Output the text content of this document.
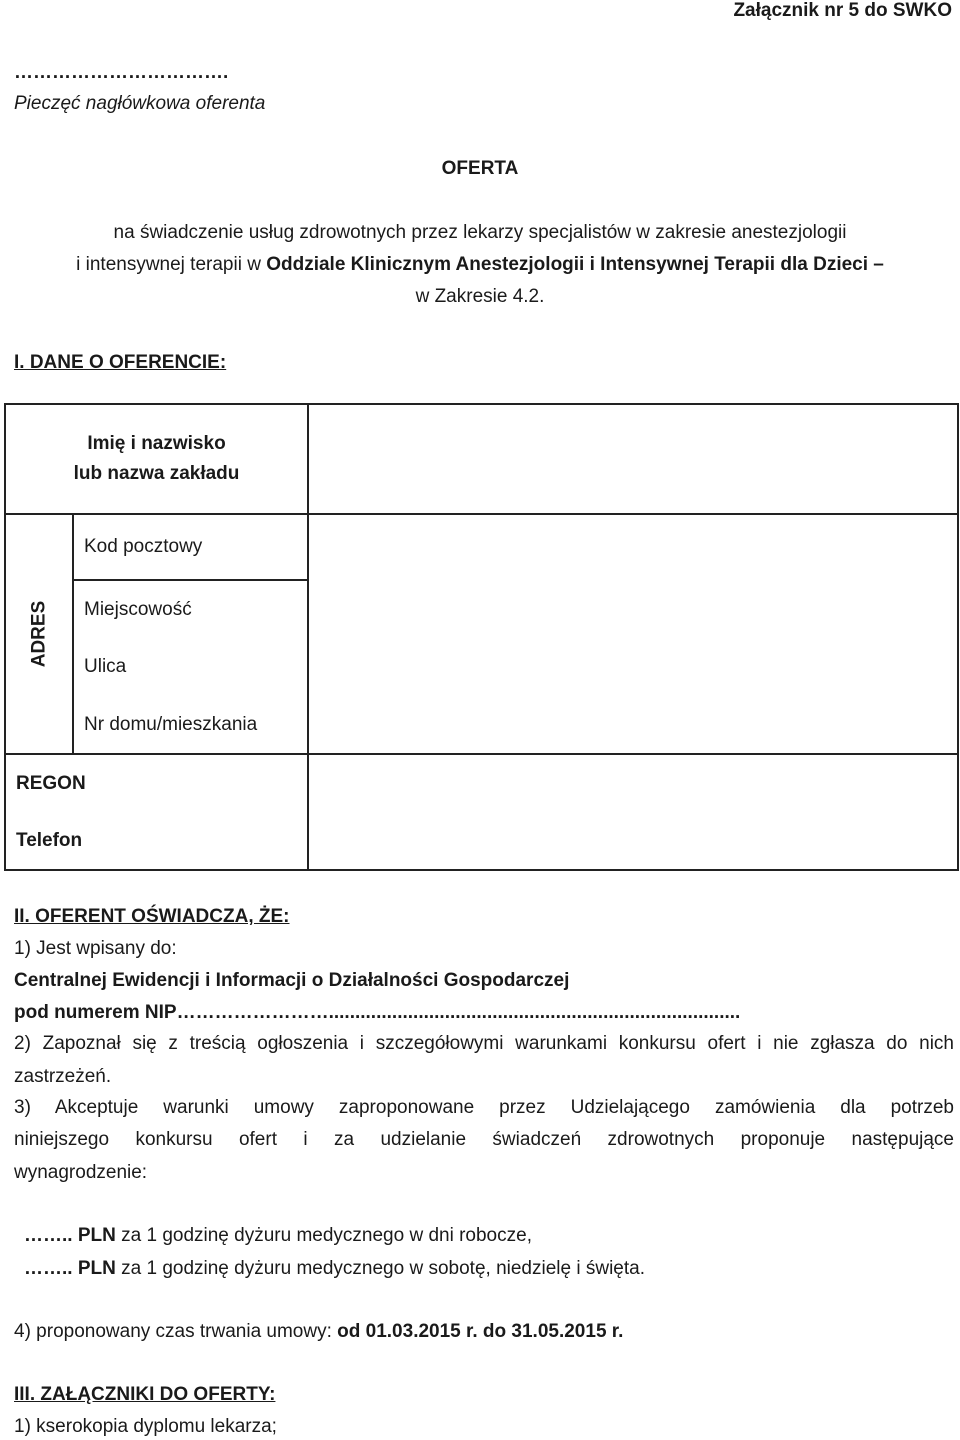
Załącznik nr 5 do SWKO
…………………………….
Pieczęć nagłówkowa oferenta
OFERTA
na świadczenie usług zdrowotnych przez lekarzy specjalistów w zakresie anestezjologii
i intensywnej terapii w Oddziale Klinicznym Anestezjologii i Intensywnej Terapii dla Dzieci –
w Zakresie 4.2.
I. DANE O OFERENCIE:
Imię i nazwisko
lub nazwa zakładu		

ADRES	Kod pocztowy	
	Miejscowość	
	Ulica	
	Nr domu/mieszkania	
REGON		
Telefon		
II. OFERENT OŚWIADCZA, ŻE:
1) Jest wpisany do:
Centralnej Ewidencji i Informacji o Działalności Gospodarczej
pod numerem NIP……………………..............................................................................
2) Zapoznał się z treścią ogłoszenia i szczegółowymi warunkami konkursu ofert i nie zgłasza do nich
zastrzeżeń.
3) Akceptuje warunki umowy zaproponowane przez Udzielającego zamówienia dla potrzeb
niniejszego konkursu ofert i za udzielanie świadczeń zdrowotnych proponuje następujące
wynagrodzenie:
…….. PLN za 1 godzinę dyżuru medycznego w dni robocze,
…….. PLN za 1 godzinę dyżuru medycznego w sobotę, niedzielę i święta.
4) proponowany czas trwania umowy: od 01.03.2015 r. do 31.05.2015 r.
III. ZAŁĄCZNIKI DO OFERTY:
1) kserokopia dyplomu lekarza;
